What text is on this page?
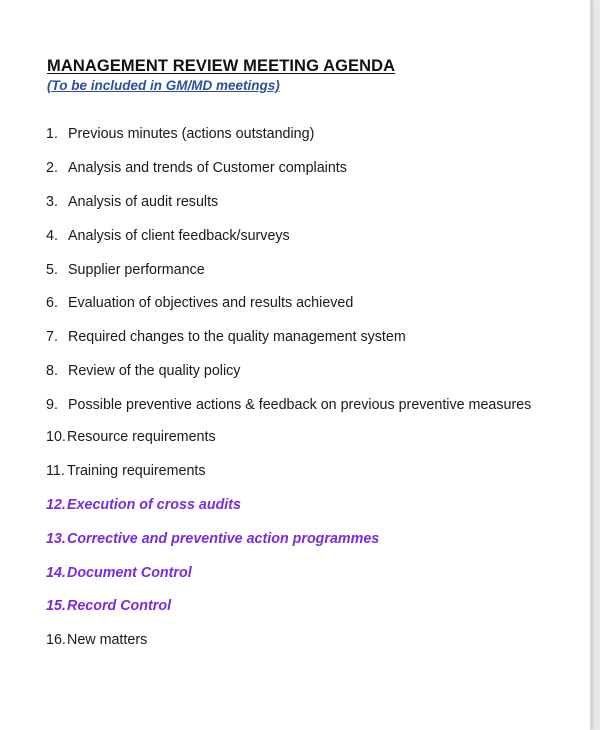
MANAGEMENT REVIEW MEETING AGENDA
(To be included in GM/MD meetings)
1. Previous minutes (actions outstanding)
2. Analysis and trends of Customer complaints
3. Analysis of audit results
4. Analysis of client feedback/surveys
5. Supplier performance
6. Evaluation of objectives and results achieved
7. Required changes to the quality management system
8. Review of the quality policy
9. Possible preventive actions & feedback on previous preventive measures
10. Resource requirements
11. Training requirements
12. Execution of cross audits
13. Corrective and preventive action programmes
14. Document Control
15. Record Control
16. New matters
